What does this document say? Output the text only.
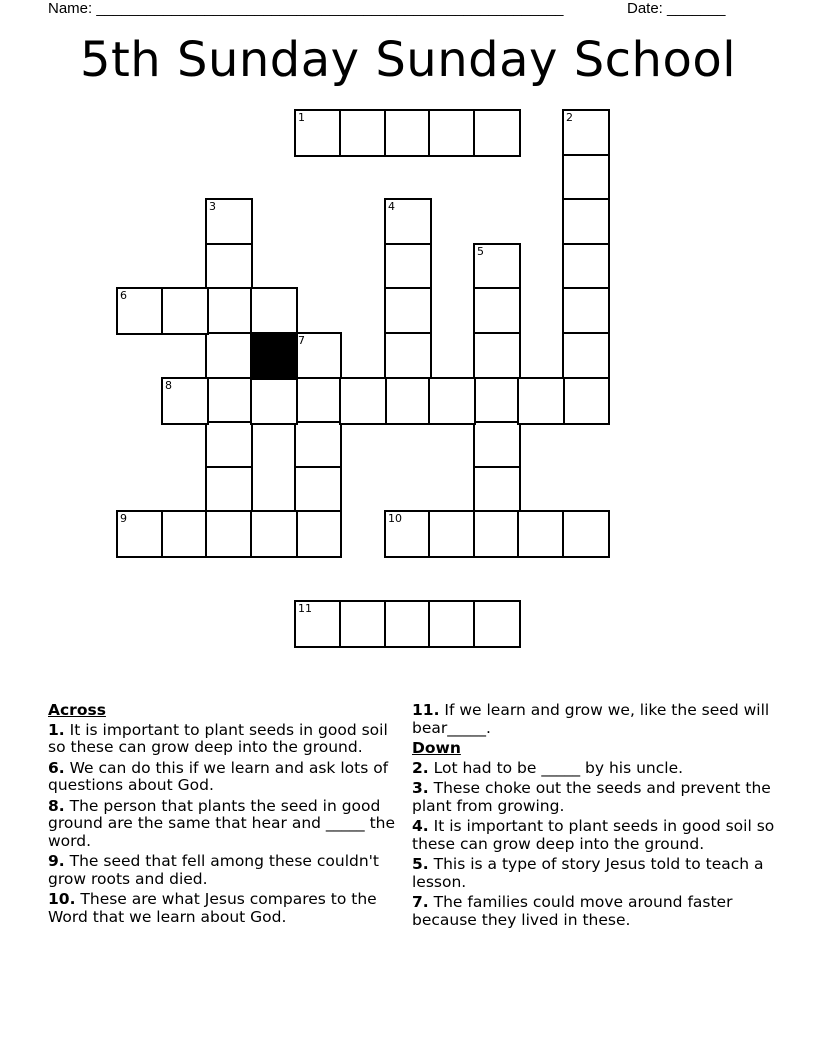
Name: ________________________________________________________	Date: _______
5th Sunday Sunday School
1	2
3	4
5
6
7
8
9	10
11
Across
1. It is important to plant seeds in good soil so these can grow deep into the ground.
6. We can do this if we learn and ask lots of questions about God.
8. The person that plants the seed in good ground are the same that hear and _____ the word.
9. The seed that fell among these couldn't grow roots and died.
10. These are what Jesus compares to the Word that we learn about God.
11. If we learn and grow we, like the seed will bear_____.
Down
2. Lot had to be _____ by his uncle.
3. These choke out the seeds and prevent the plant from growing.
4. It is important to plant seeds in good soil so these can grow deep into the ground.
5. This is a type of story Jesus told to teach a lesson.
7. The families could move around faster because they lived in these.
